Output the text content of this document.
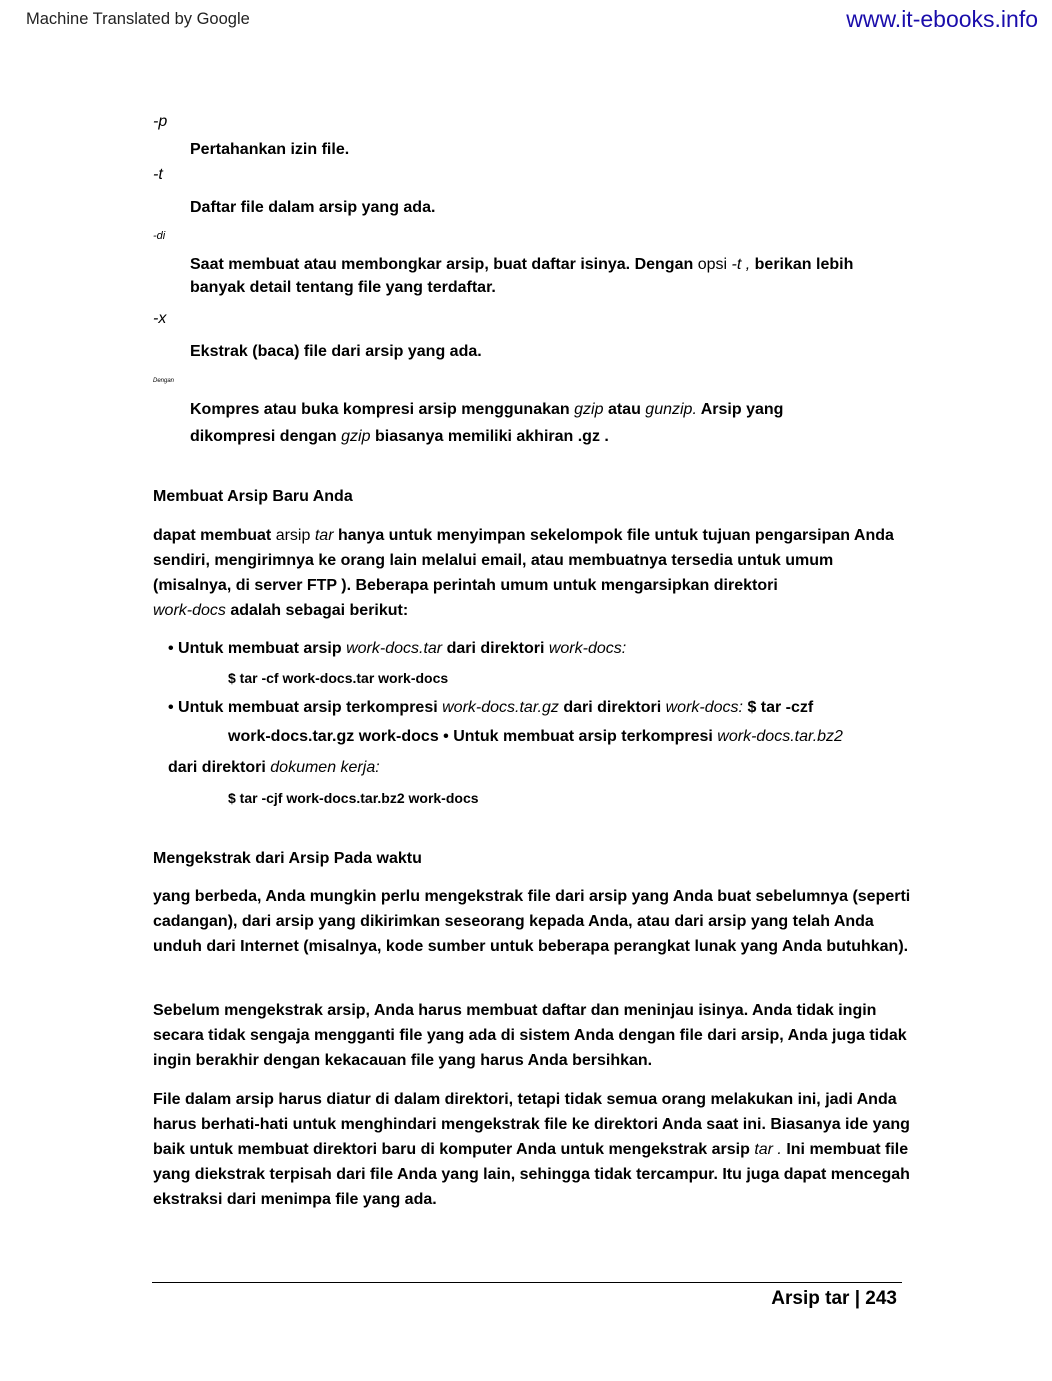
Machine Translated by Google	www.it-ebooks.info
-p
Pertahankan izin file.
-t
Daftar file dalam arsip yang ada.
-di
Saat membuat atau membongkar arsip, buat daftar isinya. Dengan opsi -t , berikan lebih banyak detail tentang file yang terdaftar.
-x
Ekstrak (baca) file dari arsip yang ada.
Dengan
Kompres atau buka kompresi arsip menggunakan gzip atau gunzip. Arsip yang
dikompresi dengan gzip biasanya memiliki akhiran .gz .
Membuat Arsip Baru Anda
dapat membuat arsip tar hanya untuk menyimpan sekelompok file untuk tujuan pengarsipan Anda sendiri, mengirimnya ke orang lain melalui email, atau membuatnya tersedia untuk umum (misalnya, di server FTP ). Beberapa perintah umum untuk mengarsipkan direktori
work-docs adalah sebagai berikut:
• Untuk membuat arsip work-docs.tar dari direktori work-docs:
$ tar -cf work-docs.tar work-docs
• Untuk membuat arsip terkompresi work-docs.tar.gz dari direktori work-docs: $ tar -czf
work-docs.tar.gz work-docs • Untuk membuat arsip terkompresi work-docs.tar.bz2
dari direktori dokumen kerja:
$ tar -cjf work-docs.tar.bz2 work-docs
Mengekstrak dari Arsip Pada waktu
yang berbeda, Anda mungkin perlu mengekstrak file dari arsip yang Anda buat sebelumnya (seperti cadangan), dari arsip yang dikirimkan seseorang kepada Anda, atau dari arsip yang telah Anda unduh dari Internet (misalnya, kode sumber untuk beberapa perangkat lunak yang Anda butuhkan).
Sebelum mengekstrak arsip, Anda harus membuat daftar dan meninjau isinya. Anda tidak ingin secara tidak sengaja mengganti file yang ada di sistem Anda dengan file dari arsip, Anda juga tidak ingin berakhir dengan kekacauan file yang harus Anda bersihkan.
File dalam arsip harus diatur di dalam direktori, tetapi tidak semua orang melakukan ini, jadi Anda harus berhati-hati untuk menghindari mengekstrak file ke direktori Anda saat ini. Biasanya ide yang baik untuk membuat direktori baru di komputer Anda untuk mengekstrak arsip tar . Ini membuat file yang diekstrak terpisah dari file Anda yang lain, sehingga tidak tercampur. Itu juga dapat mencegah ekstraksi dari menimpa file yang ada.
Arsip tar | 243
